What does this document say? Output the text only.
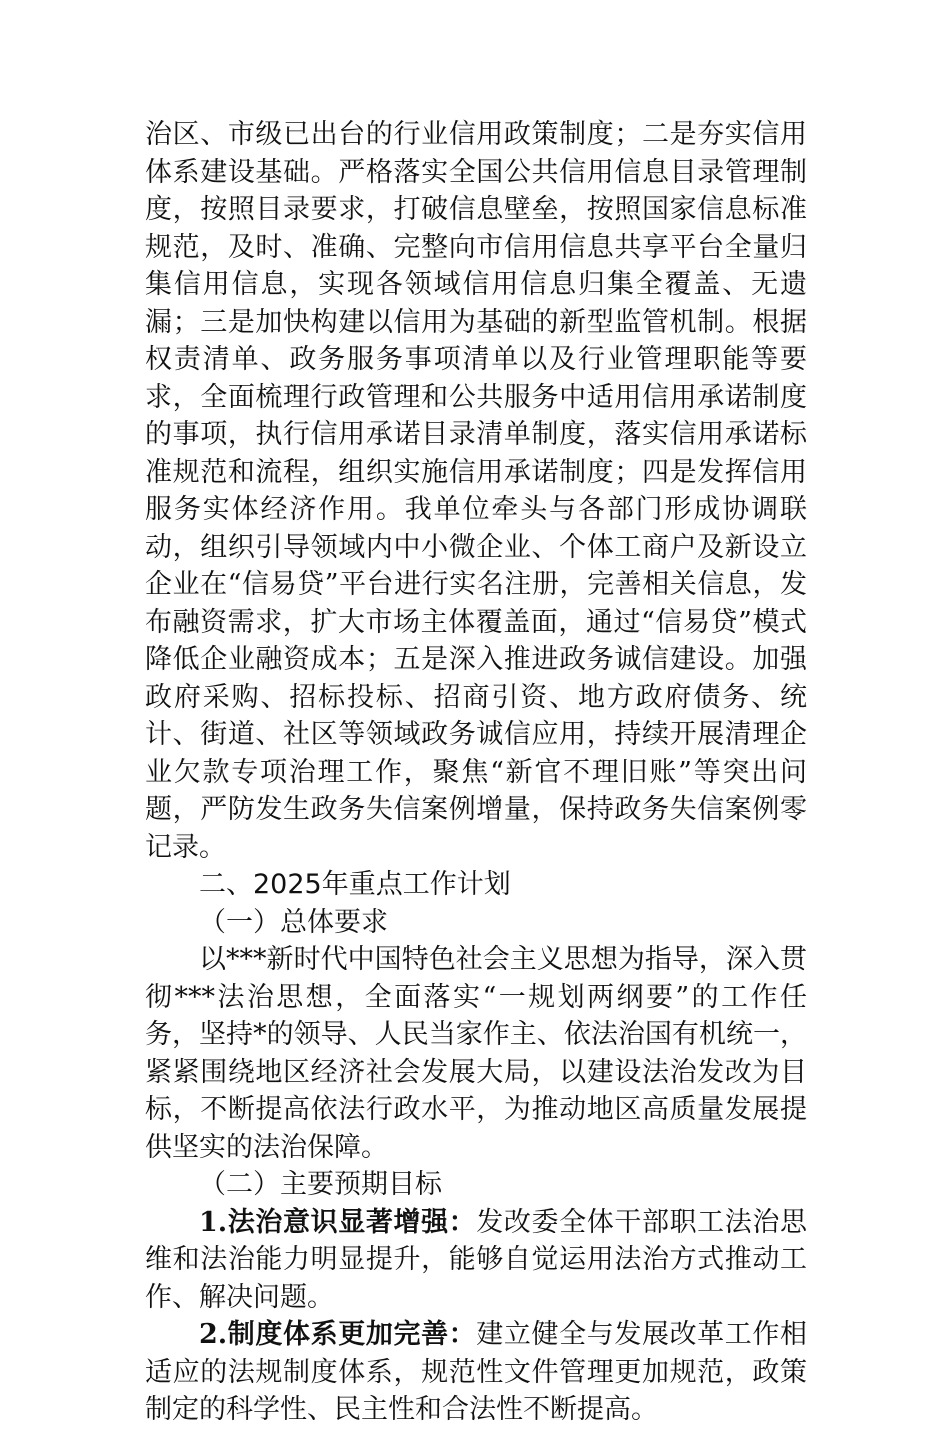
治区、市级已出台的行业信用政策制度；二是夯实信用体系建设基础。严格落实全国公共信用信息目录管理制度，按照目录要求，打破信息壁垒，按照国家信息标准规范，及时、准确、完整向市信用信息共享平台全量归集信用信息，实现各领域信用信息归集全覆盖、无遗漏；三是加快构建以信用为基础的新型监管机制。根据权责清单、政务服务事项清单以及行业管理职能等要求，全面梳理行政管理和公共服务中适用信用承诺制度的事项，执行信用承诺目录清单制度，落实信用承诺标准规范和流程，组织实施信用承诺制度；四是发挥信用服务实体经济作用。我单位牵头与各部门形成协调联动，组织引导领域内中小微企业、个体工商户及新设立企业在“信易贷”平台进行实名注册，完善相关信息，发布融资需求，扩大市场主体覆盖面，通过“信易贷”模式降低企业融资成本；五是深入推进政务诚信建设。加强政府采购、招标投标、招商引资、地方政府债务、统计、街道、社区等领域政务诚信应用，持续开展清理企业欠款专项治理工作，聚焦“新官不理旧账”等突出问题，严防发生政务失信案例增量，保持政务失信案例零记录。

二、2025年重点工作计划
（一）总体要求

以***新时代中国特色社会主义思想为指导，深入贯彻***法治思想，全面落实“一规划两纲要”的工作任务，坚持*的领导、人民当家作主、依法治国有机统一，紧紧围绕地区经济社会发展大局，以建设法治发改为目标，不断提高依法行政水平，为推动地区高质量发展提供坚实的法治保障。

（二）主要预期目标

1.法治意识显著增强：发改委全体干部职工法治思维和法治能力明显提升，能够自觉运用法治方式推动工作、解决问题。

2.制度体系更加完善：建立健全与发展改革工作相适应的法规制度体系，规范性文件管理更加规范，政策制定的科学性、民主性和合法性不断提高。
